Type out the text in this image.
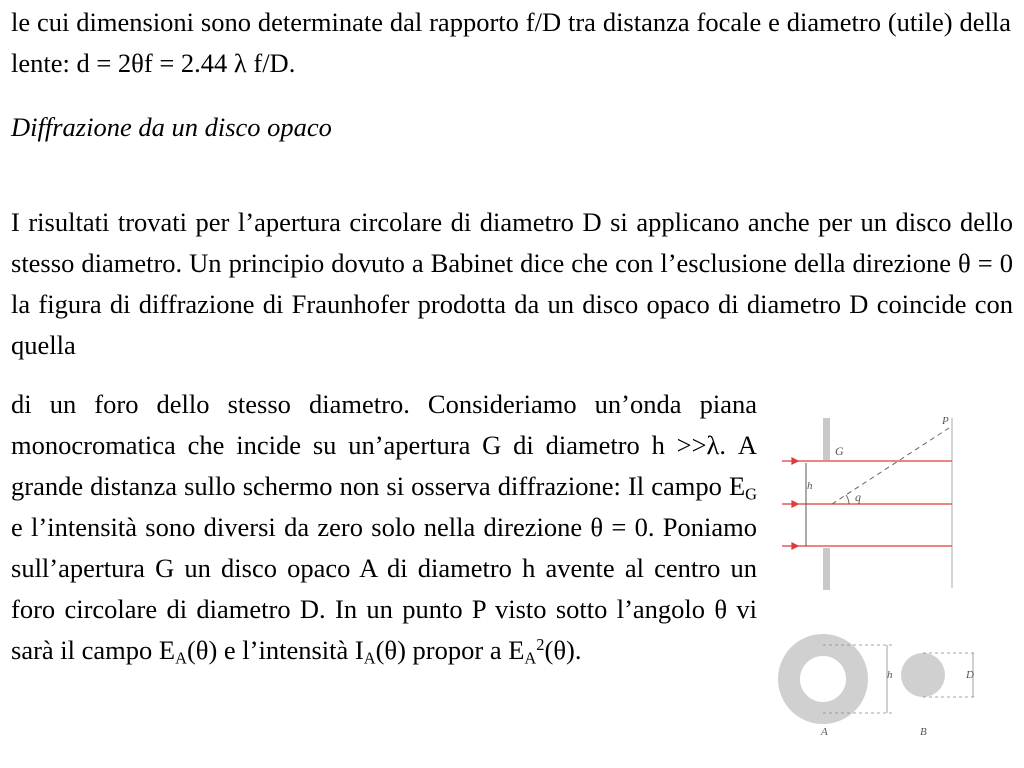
le cui dimensioni sono determinate dal rapporto f/D tra distanza focale e diametro (utile) della lente: d = 2θf = 2.44 λ f/D.

Diffrazione da un disco opaco

I risultati trovati per l’apertura circolare di diametro D si applicano anche per un disco dello stesso diametro. Un principio dovuto a Babinet dice che con l’esclusione della direzione θ = 0 la figura di diffrazione di Fraunhofer prodotta da un disco opaco di diametro D coincide con quella

di un foro dello stesso diametro. Consideriamo un’onda piana monocromatica che incide su un’apertura G di diametro h >>λ. A grande distanza sullo schermo non si osserva diffrazione: Il campo $E_G$ e l’intensità sono diversi da zero solo nella direzione θ = 0. Poniamo sull’apertura G un disco opaco A di diametro h avente al centro un foro circolare di diametro D. In un punto P visto sotto l’angolo θ vi sarà il campo $E_A(\theta)$ e l’intensità $I_A(\theta)$ propor a $E_A^2(\theta)$.

P
G
h
q
h	D
A	B
